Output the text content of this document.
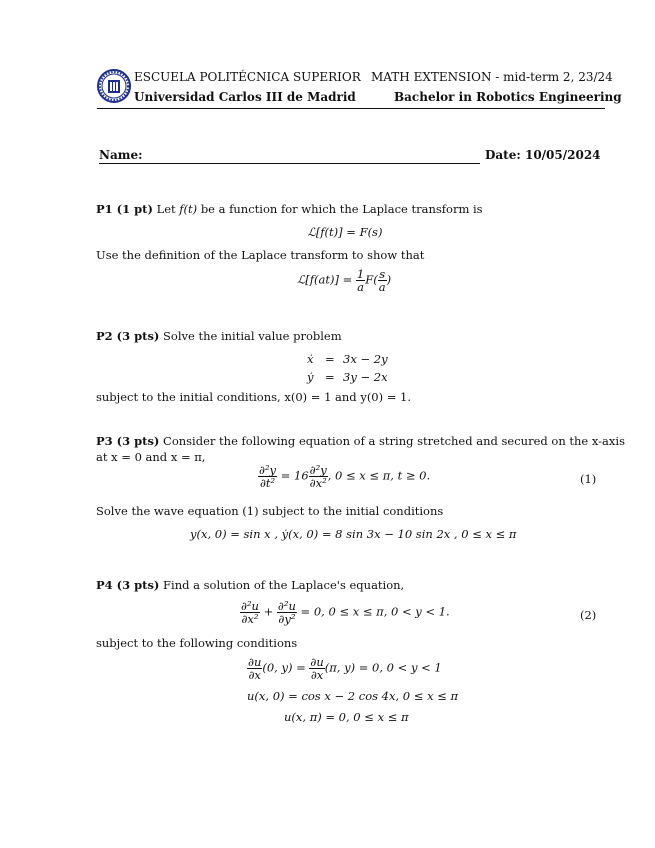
ESCUELA POLITÉCNICA SUPERIOR
Universidad Carlos III de Madrid
MATH EXTENSION - mid-term 2, 23/24
Bachelor in Robotics Engineering
Name:	Date: 10/05/2024
P1 (1 pt) Let f(t) be a function for which the Laplace transform is
ℒ[f(t)] = F(s)
Use the definition of the Laplace transform to show that
ℒ[f(at)] = $\frac{1}{a} F( \frac{s}{a}$ )
P2 (3 pts) Solve the initial value problem
ẋ = 3x − 2y
ẏ = 3y − 2x
subject to the initial conditions, x(0) = 1 and y(0) = 1.
P3 (3 pts) Consider the following equation of a string stretched and secured on the x-axis
at x = 0 and x = π,
$\frac{\text{∂²y}}{\text{∂t²}} = 16 \frac{\text{∂²y}}{\text{∂x²}}$ , 0 ≤ x ≤ π, t ≥ 0.	(1)
Solve the wave equation (1) subject to the initial conditions
y(x, 0) = sin x , ẏ(x, 0) = 8 sin 3x − 10 sin 2x , 0 ≤ x ≤ π
P4 (3 pts) Find a solution of the Laplace's equation,
$\frac{\text{∂²u}}{\text{∂x²}} + \frac{\text{∂²u}}{\text{∂y²}} = 0$, 0 ≤ x ≤ π, 0 < y < 1.	(2)
subject to the following conditions
$\frac{\partial u}{\partial x} (0$, $y) = \frac{\partial u}{\partial x} (\pi$, y) = 0, 0 < y < 1
u(x, 0) = cos x − 2 cos 4x, 0 ≤ x ≤ π
u(x, π) = 0, 0 ≤ x ≤ π
